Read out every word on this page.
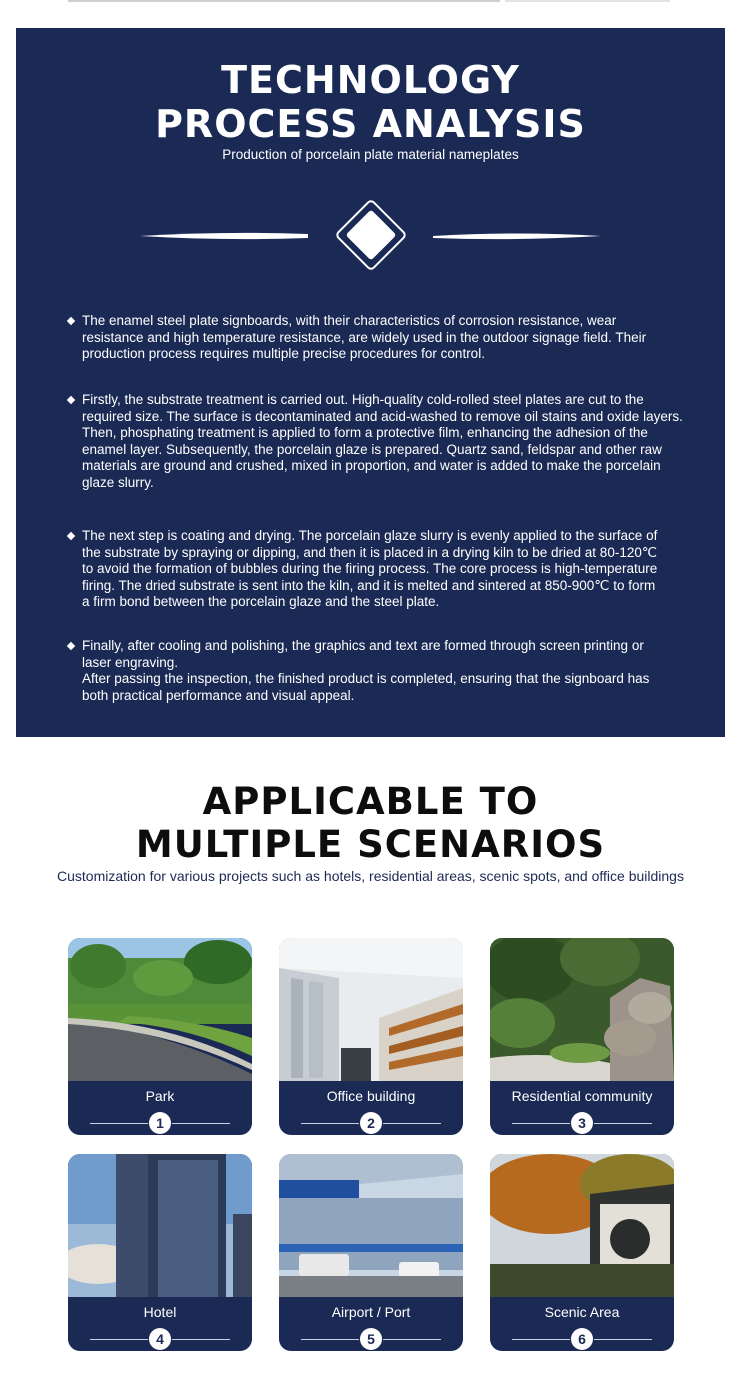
TECHNOLOGY
PROCESS ANALYSIS
Production of porcelain plate material nameplates

The enamel steel plate signboards, with their characteristics of corrosion resistance, wear
resistance and high temperature resistance, are widely used in the outdoor signage field. Their
production process requires multiple precise procedures for control.

Firstly, the substrate treatment is carried out. High-quality cold-rolled steel plates are cut to the
required size. The surface is decontaminated and acid-washed to remove oil stains and oxide layers.
Then, phosphating treatment is applied to form a protective film, enhancing the adhesion of the
enamel layer. Subsequently, the porcelain glaze is prepared. Quartz sand, feldspar and other raw
materials are ground and crushed, mixed in proportion, and water is added to make the porcelain
glaze slurry.

The next step is coating and drying. The porcelain glaze slurry is evenly applied to the surface of
the substrate by spraying or dipping, and then it is placed in a drying kiln to be dried at 80-120℃
to avoid the formation of bubbles during the firing process. The core process is high-temperature
firing. The dried substrate is sent into the kiln, and it is melted and sintered at 850-900℃ to form
a firm bond between the porcelain glaze and the steel plate.

Finally, after cooling and polishing, the graphics and text are formed through screen printing or
laser engraving.
After passing the inspection, the finished product is completed, ensuring that the signboard has
both practical performance and visual appeal.

APPLICABLE TO
MULTIPLE SCENARIOS
Customization for various projects such as hotels, residential areas, scenic spots, and office buildings
Park
1
Office building
2
Residential community
3
Hotel
4
Airport / Port
5
Scenic Area
6
